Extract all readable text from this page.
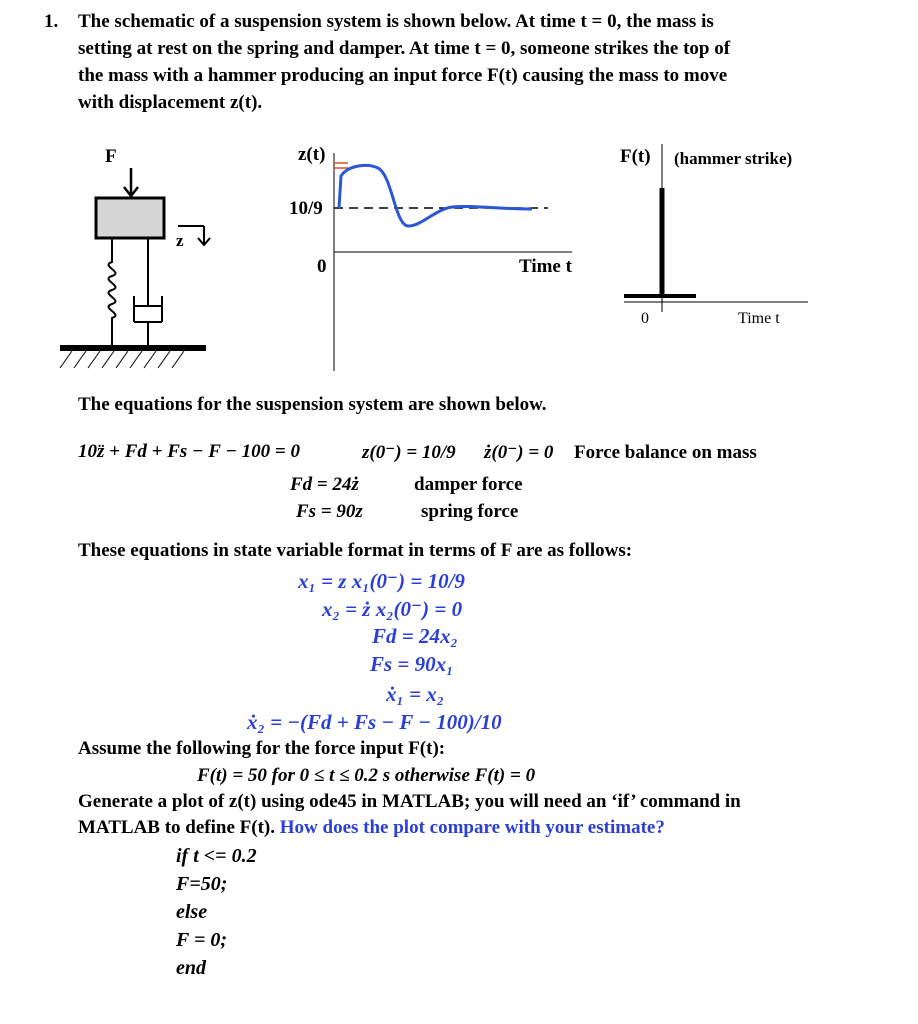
1. The schematic of a suspension system is shown below. At time t = 0, the mass is
setting at rest on the spring and damper. At time t = 0, someone strikes the top of
the mass with a hammer producing an input force F(t) causing the mass to move
with displacement z(t).
F
z
z(t)
10/9
0	Time t
F(t) (hammer strike)
0	Time t
The equations for the suspension system are shown below.
10z̈ + Fd + Fs − F − 100 = 0	z(0⁻) = 10/9 ż(0⁻) = 0 Force balance on mass
Fd = 24ż	damper force
Fs = 90z	spring force
These equations in state variable format in terms of F are as follows:
x₁ = z x₁(0⁻) = 10/9
x₂ = ż x₂(0⁻) = 0
Fd = 24x₂
Fs = 90x₁
ẋ₁ = x₂
ẋ₂ = −(Fd + Fs − F − 100)/10
Assume the following for the force input F(t):
F(t) = 50 for 0 ≤ t ≤ 0.2 s otherwise F(t) = 0
Generate a plot of z(t) using ode45 in MATLAB; you will need an ‘if’ command in
MATLAB to define F(t). How does the plot compare with your estimate?
if t <= 0.2
F=50;
else
F = 0;
end
